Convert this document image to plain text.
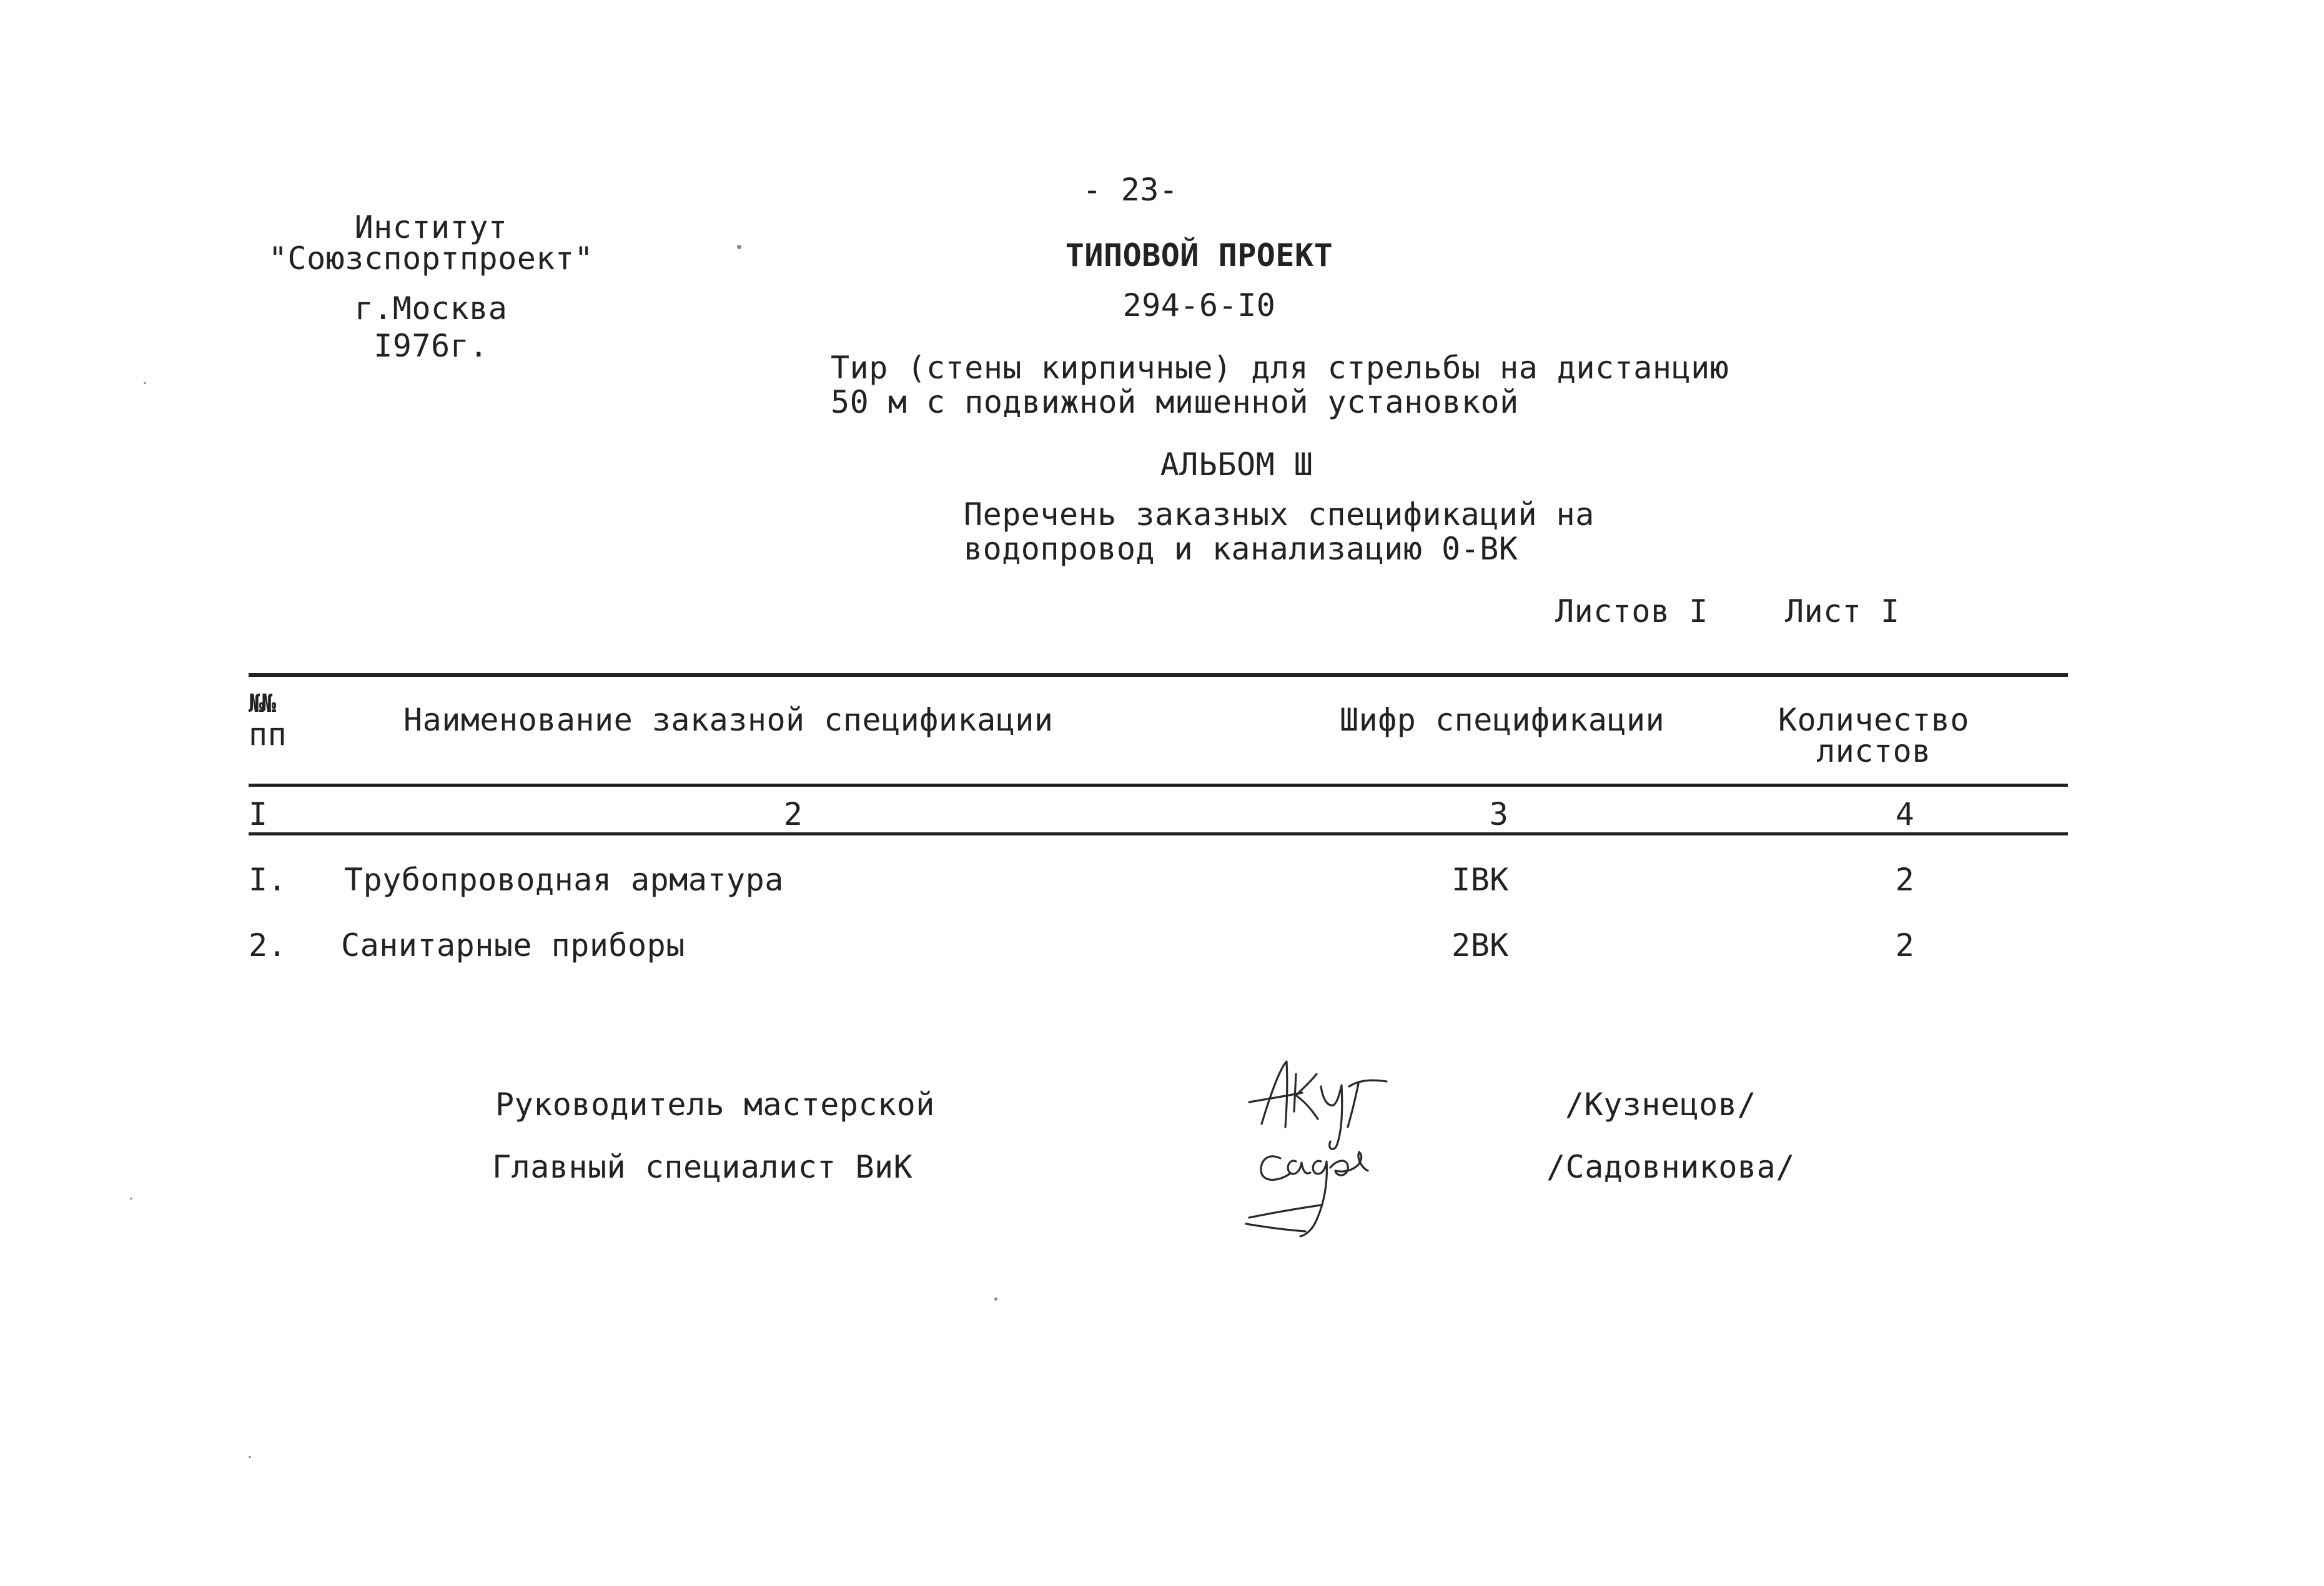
- 23-
Институт
"Союзспортпроект"
г.Москва
I976г.
ТИПОВОЙ ПРОЕКТ
294-6-I0
Тир (стены кирпичные) для стрельбы на дистанцию
50 м с подвижной мишенной установкой
АЛЬБОМ Ш
Перечень заказных спецификаций на
водопровод и канализацию 0-ВК
Листов I Лист I
№№
пп	Наименование заказной спецификации	Шифр спецификации	Количество
листов
I	2	3	4
I. Трубопроводная арматура	IВК	2
2. Санитарные приборы	2ВК	2
Руководитель мастерской	/Кузнецов/
Главный специалист ВиК	/Садовникова/
